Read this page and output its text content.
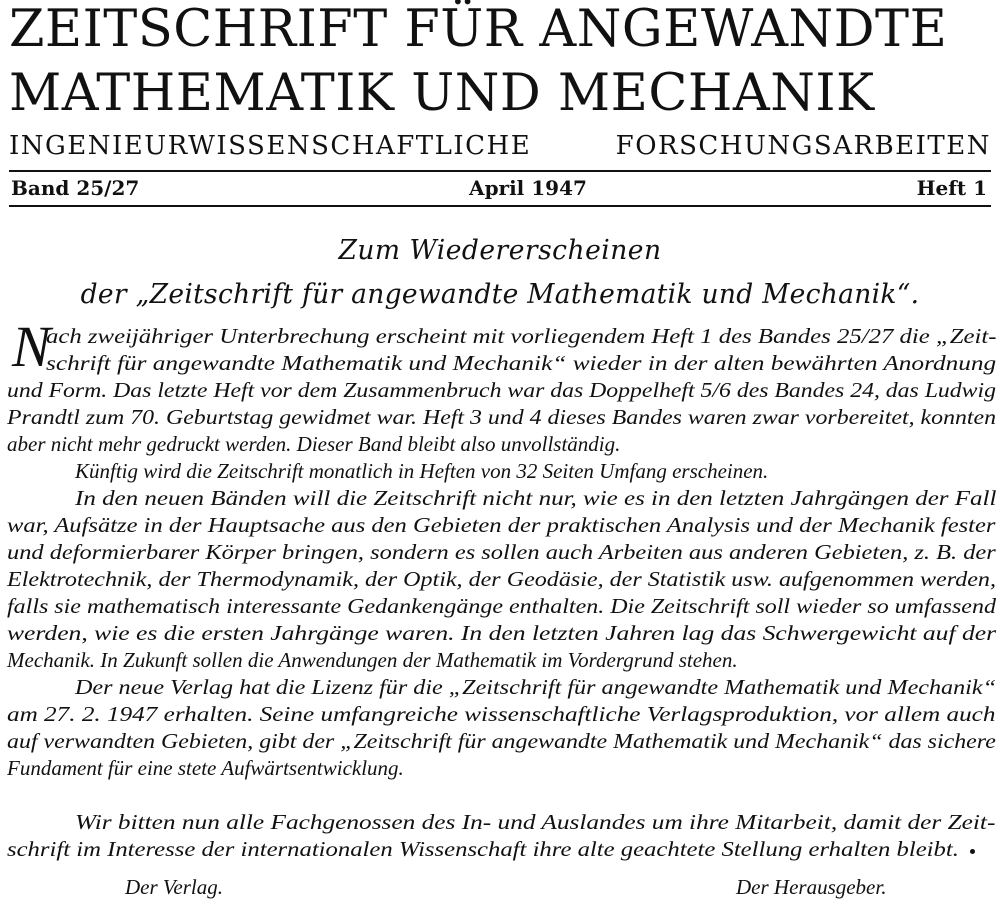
ZEITSCHRIFT FÜR ANGEWANDTE
MATHEMATIK UND MECHANIK
INGENIEURWISSENSCHAFTLICHE	FORSCHUNGSARBEITEN
Band 25/27	April 1947	Heft 1
Zum Wiedererscheinen
der „Zeitschrift für angewandte Mathematik und Mechanik“.
N
ach zweijähriger Unterbrechung erscheint mit vorliegendem Heft 1 des Bandes 25/27 die „Zeit-
schrift für angewandte Mathematik und Mechanik“ wieder in der alten bewährten Anordnung
und Form. Das letzte Heft vor dem Zusammenbruch war das Doppelheft 5/6 des Bandes 24, das Ludwig
Prandtl zum 70. Geburtstag gewidmet war. Heft 3 und 4 dieses Bandes waren zwar vorbereitet, konnten
aber nicht mehr gedruckt werden. Dieser Band bleibt also unvollständig.
Künftig wird die Zeitschrift monatlich in Heften von 32 Seiten Umfang erscheinen.
In den neuen Bänden will die Zeitschrift nicht nur, wie es in den letzten Jahrgängen der Fall
war, Aufsätze in der Hauptsache aus den Gebieten der praktischen Analysis und der Mechanik fester
und deformierbarer Körper bringen, sondern es sollen auch Arbeiten aus anderen Gebieten, z. B. der
Elektrotechnik, der Thermodynamik, der Optik, der Geodäsie, der Statistik usw. aufgenommen werden,
falls sie mathematisch interessante Gedankengänge enthalten. Die Zeitschrift soll wieder so umfassend
werden, wie es die ersten Jahrgänge waren. In den letzten Jahren lag das Schwergewicht auf der
Mechanik. In Zukunft sollen die Anwendungen der Mathematik im Vordergrund stehen.
Der neue Verlag hat die Lizenz für die „Zeitschrift für angewandte Mathematik und Mechanik“
am 27. 2. 1947 erhalten. Seine umfangreiche wissenschaftliche Verlagsproduktion, vor allem auch
auf verwandten Gebieten, gibt der „Zeitschrift für angewandte Mathematik und Mechanik“ das sichere
Fundament für eine stete Aufwärtsentwicklung.
Wir bitten nun alle Fachgenossen des In- und Auslandes um ihre Mitarbeit, damit der Zeit-
schrift im Interesse der internationalen Wissenschaft ihre alte geachtete Stellung erhalten bleibt.
Der Verlag.	Der Herausgeber.
